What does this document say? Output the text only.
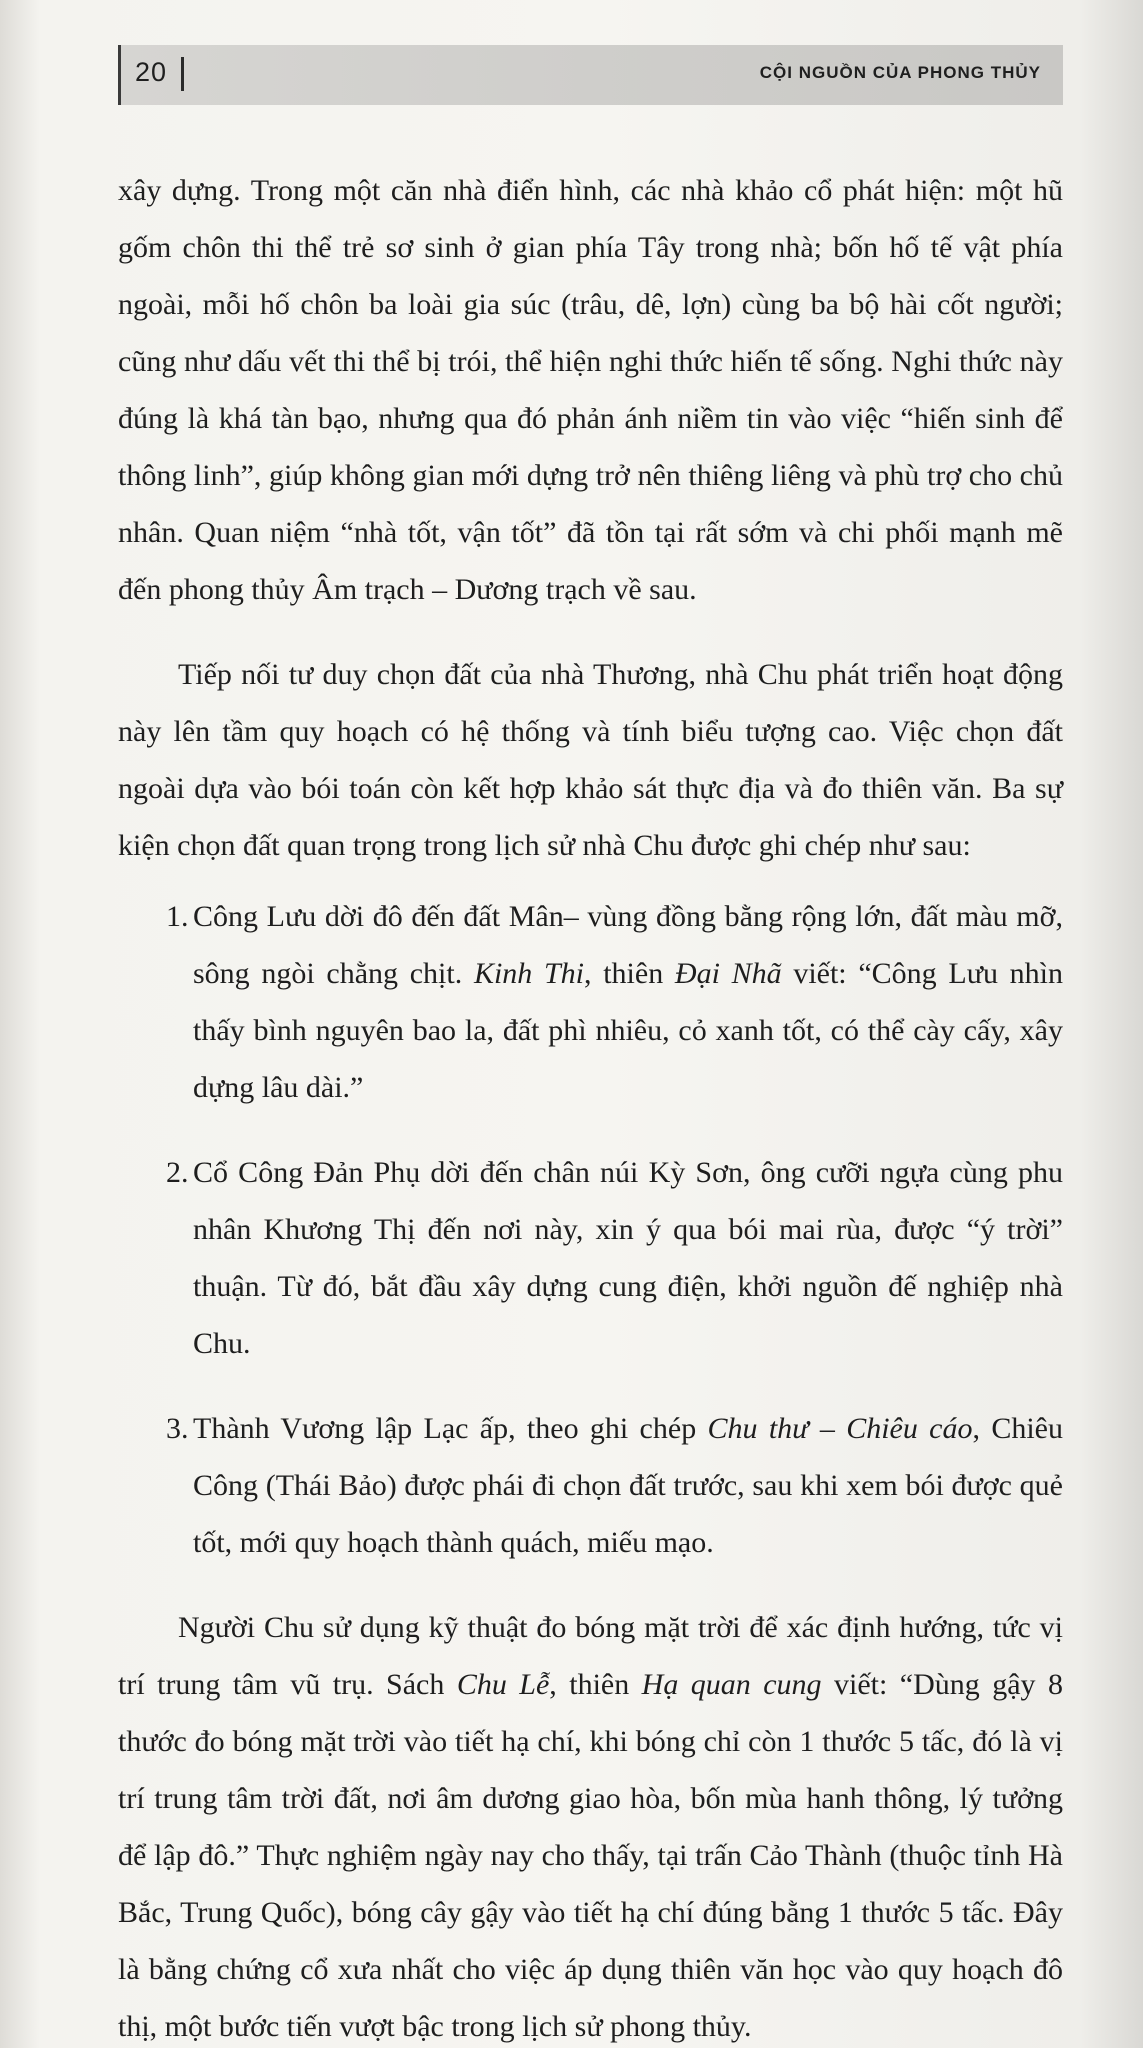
20	CỘI NGUỒN CỦA PHONG THỦY

xây dựng. Trong một căn nhà điển hình, các nhà khảo cổ phát hiện: một hũ gốm chôn thi thể trẻ sơ sinh ở gian phía Tây trong nhà; bốn hố tế vật phía ngoài, mỗi hố chôn ba loài gia súc (trâu, dê, lợn) cùng ba bộ hài cốt người; cũng như dấu vết thi thể bị trói, thể hiện nghi thức hiến tế sống. Nghi thức này đúng là khá tàn bạo, nhưng qua đó phản ánh niềm tin vào việc “hiến sinh để thông linh”, giúp không gian mới dựng trở nên thiêng liêng và phù trợ cho chủ nhân. Quan niệm “nhà tốt, vận tốt” đã tồn tại rất sớm và chi phối mạnh mẽ đến phong thủy Âm trạch – Dương trạch về sau.

Tiếp nối tư duy chọn đất của nhà Thương, nhà Chu phát triển hoạt động này lên tầm quy hoạch có hệ thống và tính biểu tượng cao. Việc chọn đất ngoài dựa vào bói toán còn kết hợp khảo sát thực địa và đo thiên văn. Ba sự kiện chọn đất quan trọng trong lịch sử nhà Chu được ghi chép như sau:

1. Công Lưu dời đô đến đất Mân– vùng đồng bằng rộng lớn, đất màu mỡ, sông ngòi chằng chịt. Kinh Thi, thiên Đại Nhã viết: “Công Lưu nhìn thấy bình nguyên bao la, đất phì nhiêu, cỏ xanh tốt, có thể cày cấy, xây dựng lâu dài.”
2. Cổ Công Đản Phụ dời đến chân núi Kỳ Sơn, ông cưỡi ngựa cùng phu nhân Khương Thị đến nơi này, xin ý qua bói mai rùa, được “ý trời” thuận. Từ đó, bắt đầu xây dựng cung điện, khởi nguồn đế nghiệp nhà Chu.
3. Thành Vương lập Lạc ấp, theo ghi chép Chu thư – Chiêu cáo, Chiêu Công (Thái Bảo) được phái đi chọn đất trước, sau khi xem bói được quẻ tốt, mới quy hoạch thành quách, miếu mạo.

Người Chu sử dụng kỹ thuật đo bóng mặt trời để xác định hướng, tức vị trí trung tâm vũ trụ. Sách Chu Lễ, thiên Hạ quan cung viết: “Dùng gậy 8 thước đo bóng mặt trời vào tiết hạ chí, khi bóng chỉ còn 1 thước 5 tấc, đó là vị trí trung tâm trời đất, nơi âm dương giao hòa, bốn mùa hanh thông, lý tưởng để lập đô.” Thực nghiệm ngày nay cho thấy, tại trấn Cảo Thành (thuộc tỉnh Hà Bắc, Trung Quốc), bóng cây gậy vào tiết hạ chí đúng bằng 1 thước 5 tấc. Đây là bằng chứng cổ xưa nhất cho việc áp dụng thiên văn học vào quy hoạch đô thị, một bước tiến vượt bậc trong lịch sử phong thủy.
